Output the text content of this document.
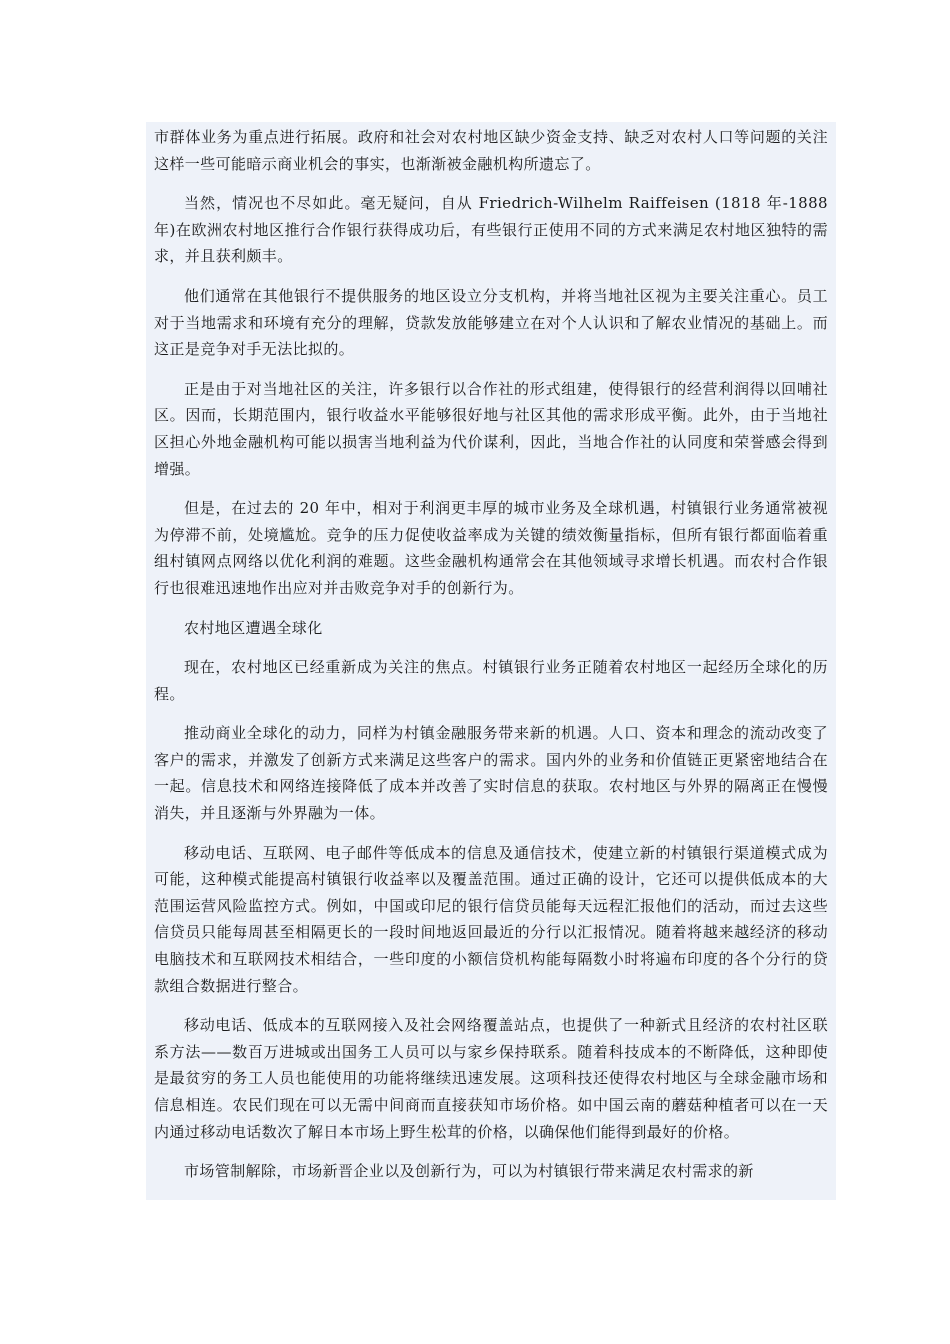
市群体业务为重点进行拓展。政府和社会对农村地区缺少资金支持、缺乏对农村人口等问题的关注这样一些可能暗示商业机会的事实，也渐渐被金融机构所遗忘了。

当然，情况也不尽如此。毫无疑问，自从 Friedrich-Wilhelm Raiffeisen (1818 年-1888 年)在欧洲农村地区推行合作银行获得成功后，有些银行正使用不同的方式来满足农村地区独特的需求，并且获利颇丰。

他们通常在其他银行不提供服务的地区设立分支机构，并将当地社区视为主要关注重心。员工对于当地需求和环境有充分的理解，贷款发放能够建立在对个人认识和了解农业情况的基础上。而这正是竞争对手无法比拟的。

正是由于对当地社区的关注，许多银行以合作社的形式组建，使得银行的经营利润得以回哺社区。因而，长期范围内，银行收益水平能够很好地与社区其他的需求形成平衡。此外，由于当地社区担心外地金融机构可能以损害当地利益为代价谋利，因此，当地合作社的认同度和荣誉感会得到增强。

但是，在过去的 20 年中，相对于利润更丰厚的城市业务及全球机遇，村镇银行业务通常被视为停滞不前，处境尴尬。竞争的压力促使收益率成为关键的绩效衡量指标，但所有银行都面临着重组村镇网点网络以优化利润的难题。这些金融机构通常会在其他领域寻求增长机遇。而农村合作银行也很难迅速地作出应对并击败竞争对手的创新行为。

农村地区遭遇全球化

现在，农村地区已经重新成为关注的焦点。村镇银行业务正随着农村地区一起经历全球化的历程。

推动商业全球化的动力，同样为村镇金融服务带来新的机遇。人口、资本和理念的流动改变了客户的需求，并激发了创新方式来满足这些客户的需求。国内外的业务和价值链正更紧密地结合在一起。信息技术和网络连接降低了成本并改善了实时信息的获取。农村地区与外界的隔离正在慢慢消失，并且逐渐与外界融为一体。

移动电话、互联网、电子邮件等低成本的信息及通信技术，使建立新的村镇银行渠道模式成为可能，这种模式能提高村镇银行收益率以及覆盖范围。通过正确的设计，它还可以提供低成本的大范围运营风险监控方式。例如，中国或印尼的银行信贷员能每天远程汇报他们的活动，而过去这些信贷员只能每周甚至相隔更长的一段时间地返回最近的分行以汇报情况。随着将越来越经济的移动电脑技术和互联网技术相结合，一些印度的小额信贷机构能每隔数小时将遍布印度的各个分行的贷款组合数据进行整合。

移动电话、低成本的互联网接入及社会网络覆盖站点，也提供了一种新式且经济的农村社区联系方法——数百万进城或出国务工人员可以与家乡保持联系。随着科技成本的不断降低，这种即使是最贫穷的务工人员也能使用的功能将继续迅速发展。这项科技还使得农村地区与全球金融市场和信息相连。农民们现在可以无需中间商而直接获知市场价格。如中国云南的蘑菇种植者可以在一天内通过移动电话数次了解日本市场上野生松茸的价格，以确保他们能得到最好的价格。

市场管制解除，市场新晋企业以及创新行为，可以为村镇银行带来满足农村需求的新
